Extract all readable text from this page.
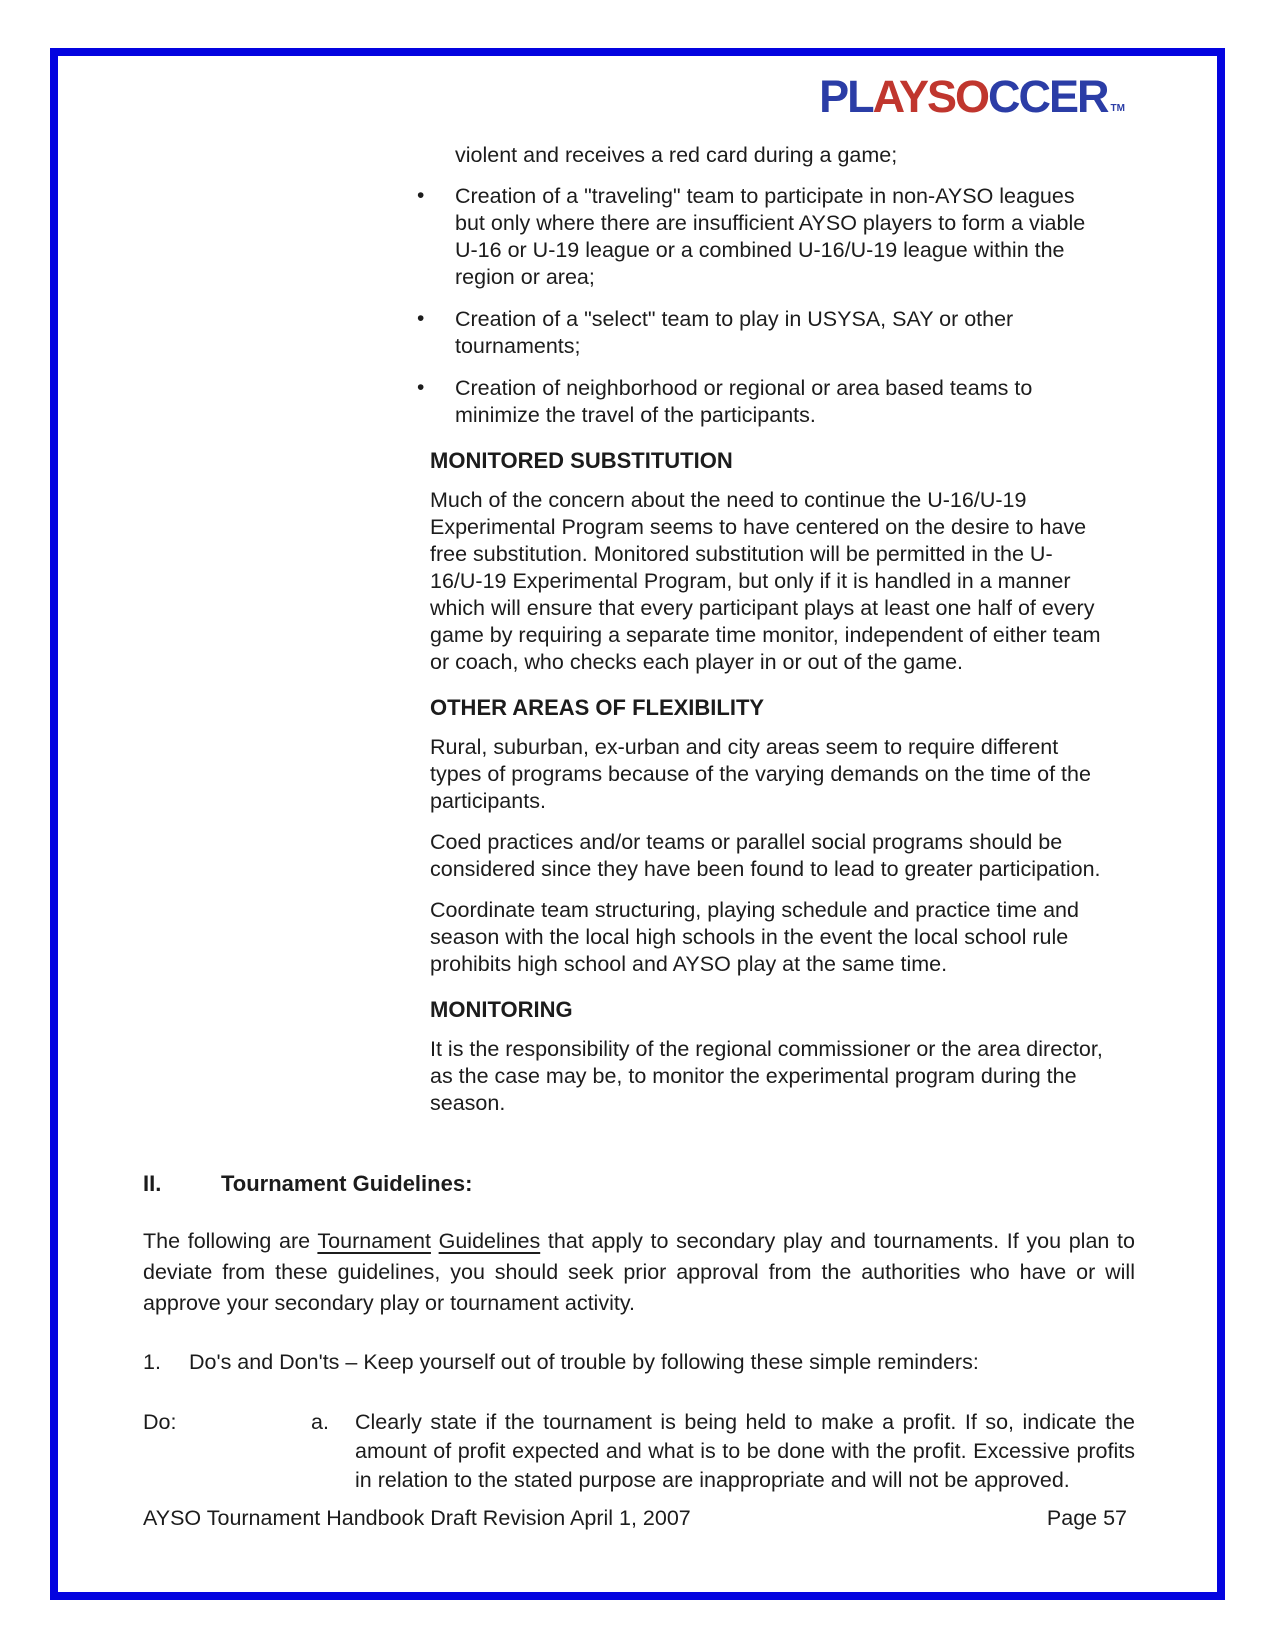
PLAYSOCCER TM

violent and receives a red card during a game;

• Creation of a "traveling" team to participate in non-AYSO leagues but only where there are insufficient AYSO players to form a viable U-16 or U-19 league or a combined U-16/U-19 league within the region or area;
• Creation of a "select" team to play in USYSA, SAY or other tournaments;
• Creation of neighborhood or regional or area based teams to minimize the travel of the participants.
MONITORED SUBSTITUTION

Much of the concern about the need to continue the U-16/U-19 Experimental Program seems to have centered on the desire to have free substitution. Monitored substitution will be permitted in the U-16/U-19 Experimental Program, but only if it is handled in a manner which will ensure that every participant plays at least one half of every game by requiring a separate time monitor, independent of either team or coach, who checks each player in or out of the game.

OTHER AREAS OF FLEXIBILITY

Rural, suburban, ex-urban and city areas seem to require different types of programs because of the varying demands on the time of the participants.

Coed practices and/or teams or parallel social programs should be considered since they have been found to lead to greater participation.

Coordinate team structuring, playing schedule and practice time and season with the local high schools in the event the local school rule prohibits high school and AYSO play at the same time.

MONITORING

It is the responsibility of the regional commissioner or the area director, as the case may be, to monitor the experimental program during the season.

II.	Tournament Guidelines:

The following are Tournament Guidelines that apply to secondary play and tournaments. If you plan to deviate from these guidelines, you should seek prior approval from the authorities who have or will approve your secondary play or tournament activity.

1. Do's and Don'ts – Keep yourself out of trouble by following these simple reminders:
Do:	a.	Clearly state if the tournament is being held to make a profit. If so, indicate the amount of profit expected and what is to be done with the profit. Excessive profits in relation to the stated purpose are inappropriate and will not be approved.

AYSO Tournament Handbook Draft Revision April 1, 2007	Page 57
